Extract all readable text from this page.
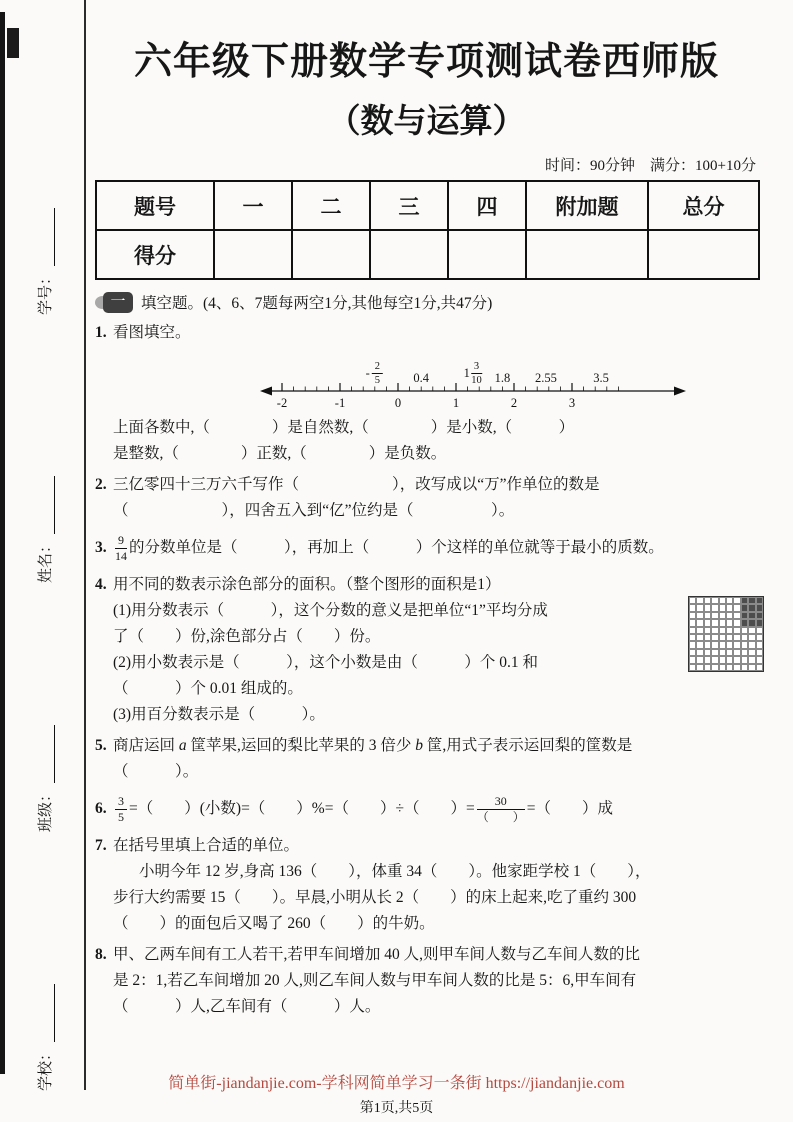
学号：
姓名：
班级：
学校：
六年级下册数学专项测试卷西师版
（数与运算）
时间：90分钟　满分：100+10分
题号	一	二	三	四	附加题	总分
得分						
一	填空题。(4、6、7题每两空1分,其他每空1分,共47分)
1. 看图填空。
-2	-1	0	1	2	3
- $\frac{2}{5} 0.4$	$1 \frac{3}{10} 1.8$ 2.55	3.5
上面各数中,（　　　　）是自然数,（　　　　）是小数,（　　　）
是整数,（　　　　）正数,（　　　　）是负数。
2. 三亿零四十三万六千写作（　　　　　　），改写成以“万”作单位的数是
（　　　　　　），四舍五入到“亿”位约是（　　　　　）。
3. $\frac{9}{14}$ 的分数单位是（　　　），再加上（　　　）个这样的单位就等于最小的质数。
4. 用不同的数表示涂色部分的面积。（整个图形的面积是1）
(1)用分数表示（　　　），这个分数的意义是把单位“1”平均分成
了（　　）份,涂色部分占（　　）份。
(2)用小数表示是（　　　），这个小数是由（　　　）个 0.1 和
（　　　）个 0.01 组成的。
(3)用百分数表示是（　　　）。
5. 商店运回 a 筐苹果,运回的梨比苹果的 3 倍少 b 筐,用式子表示运回梨的筐数是
（　　　）。
6. $\frac{3}{5}$ =（　　）(小数)=（　　）%=（　　）÷（　　）= $\frac{30}{( )}$ =（　　）成
7. 在括号里填上合适的单位。
小明今年 12 岁,身高 136（　　），体重 34（　　）。他家距学校 1（　　），
步行大约需要 15（　　）。早晨,小明从长 2（　　）的床上起来,吃了重约 300
（　　）的面包后又喝了 260（　　）的牛奶。
8. 甲、乙两车间有工人若干,若甲车间增加 40 人,则甲车间人数与乙车间人数的比
是 2：1,若乙车间增加 20 人,则乙车间人数与甲车间人数的比是 5：6,甲车间有
（　　　）人,乙车间有（　　　）人。
简单街-jiandanjie.com-学科网简单学习一条街 https://jiandanjie.com
第1页,共5页
